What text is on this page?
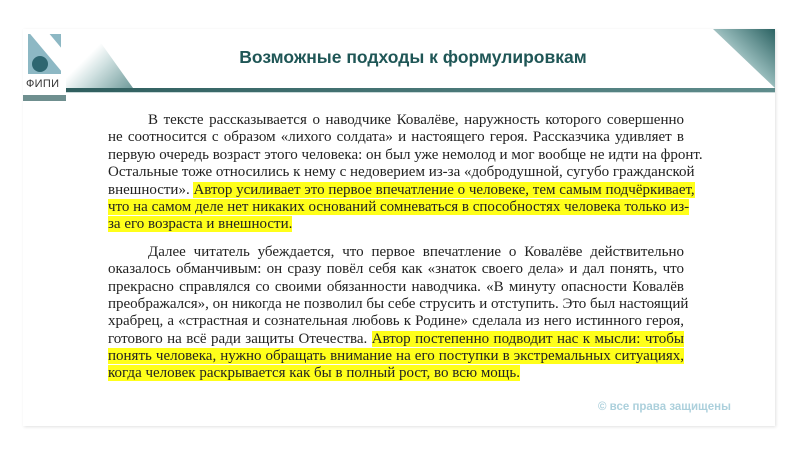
ФИПИ
Возможные подходы к формулировкам
В тексте рассказывается о наводчике Ковалёве, наружность которого совершенно
не соотносится с образом «лихого солдата» и настоящего героя. Рассказчика удивляет в
первую очередь возраст этого человека: он был уже немолод и мог вообще не идти на фронт.
Остальные тоже относились к нему с недоверием из-за «добродушной, сугубо гражданской
внешности». Автор усиливает это первое впечатление о человеке, тем самым подчёркивает,
что на самом деле нет никаких оснований сомневаться в способностях человека только из-
за его возраста и внешности.
Далее читатель убеждается, что первое впечатление о Ковалёве действительно
оказалось обманчивым: он сразу повёл себя как «знаток своего дела» и дал понять, что
прекрасно справлялся со своими обязанности наводчика. «В минуту опасности Ковалёв
преображался», он никогда не позволил бы себе струсить и отступить. Это был настоящий
храбрец, а «страстная и сознательная любовь к Родине» сделала из него истинного героя,
готового на всё ради защиты Отечества. Автор постепенно подводит нас к мысли: чтобы
понять человека, нужно обращать внимание на его поступки в экстремальных ситуациях,
когда человек раскрывается как бы в полный рост, во всю мощь.
© все права защищены
